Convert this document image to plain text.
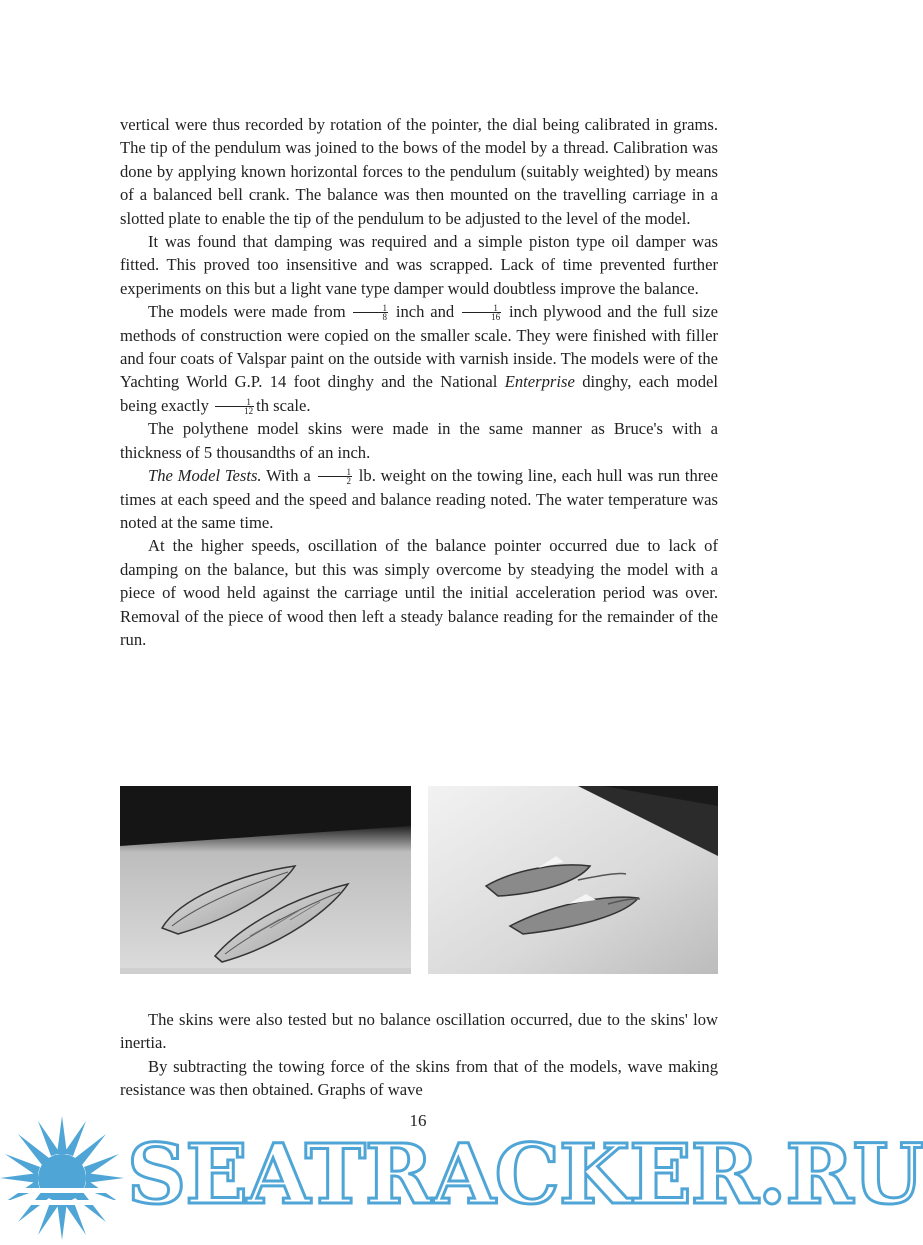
vertical were thus recorded by rotation of the pointer, the dial being calibrated in grams. The tip of the pendulum was joined to the bows of the model by a thread. Calibration was done by applying known horizontal forces to the pendulum (suitably weighted) by means of a balanced bell crank. The balance was then mounted on the travelling carriage in a slotted plate to enable the tip of the pendulum to be adjusted to the level of the model.

It was found that damping was required and a simple piston type oil damper was fitted. This proved too insensitive and was scrapped. Lack of time prevented further experiments on this but a light vane type damper would doubtless improve the balance.

The models were made from $\frac{1}{8}$ inch and $\frac{1}{16}$ inch plywood and the full size methods of construction were copied on the smaller scale. They were finished with filler and four coats of Valspar paint on the outside with varnish inside. The models were of the Yachting World G.P. 14 foot dinghy and the National Enterprise dinghy, each model being exactly $\frac{1}{12}$ th scale.

The polythene model skins were made in the same manner as Bruce's with a thickness of 5 thousandths of an inch.

The Model Tests. With a $\frac{1}{2}$ lb. weight on the towing line, each hull was run three times at each speed and the speed and balance reading noted. The water temperature was noted at the same time.

At the higher speeds, oscillation of the balance pointer occurred due to lack of damping on the balance, but this was simply overcome by steadying the model with a piece of wood held against the carriage until the initial acceleration period was over. Removal of the piece of wood then left a steady balance reading for the remainder of the run.

The skins were also tested but no balance oscillation occurred, due to the skins' low inertia.

By subtracting the towing force of the skins from that of the models, wave making resistance was then obtained. Graphs of wave

16
SEATRACKER.RU
